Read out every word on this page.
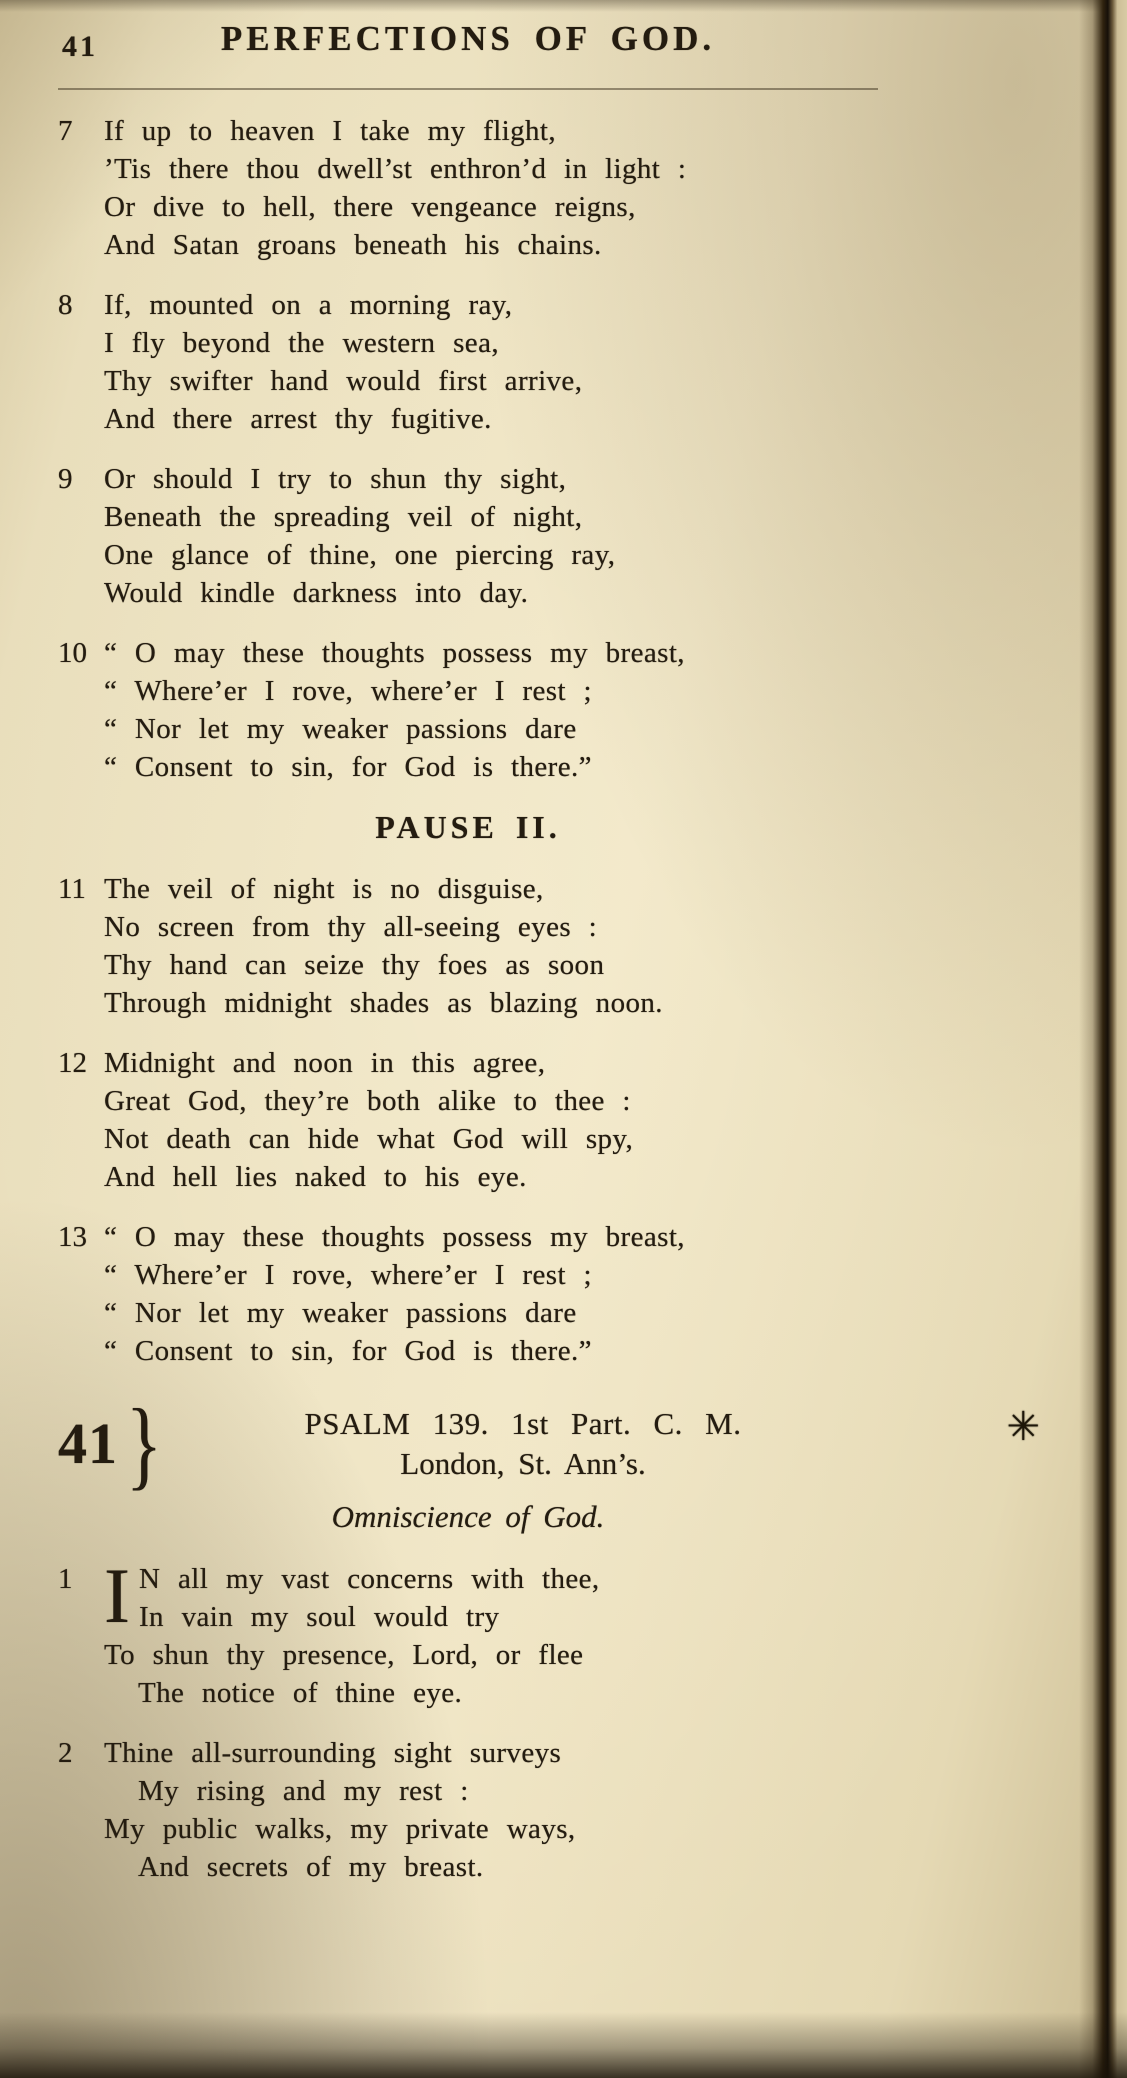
41	PERFECTIONS OF GOD.
7 If up to heaven I take my flight,
’Tis there thou dwell’st enthron’d in light :
Or dive to hell, there vengeance reigns,
And Satan groans beneath his chains.
8 If, mounted on a morning ray,
I fly beyond the western sea,
Thy swifter hand would first arrive,
And there arrest thy fugitive.
9 Or should I try to shun thy sight,
Beneath the spreading veil of night,
One glance of thine, one piercing ray,
Would kindle darkness into day.
10 “ O may these thoughts possess my breast,
“ Where’er I rove, where’er I rest ;
“ Nor let my weaker passions dare
“ Consent to sin, for God is there.”
PAUSE II.
11 The veil of night is no disguise,
No screen from thy all-seeing eyes :
Thy hand can seize thy foes as soon
Through midnight shades as blazing noon.
12 Midnight and noon in this agree,
Great God, they’re both alike to thee :
Not death can hide what God will spy,
And hell lies naked to his eye.
13 “ O may these thoughts possess my breast,
“ Where’er I rove, where’er I rest ;
“ Nor let my weaker passions dare
“ Consent to sin, for God is there.”
41 }	PSALM 139. 1st Part. C. M.
London, St. Ann’s.
✳
Omniscience of God.
1 I N all my vast concerns with thee,
In vain my soul would try
To shun thy presence, Lord, or flee
The notice of thine eye.
2 Thine all-surrounding sight surveys
My rising and my rest :
My public walks, my private ways,
And secrets of my breast.
